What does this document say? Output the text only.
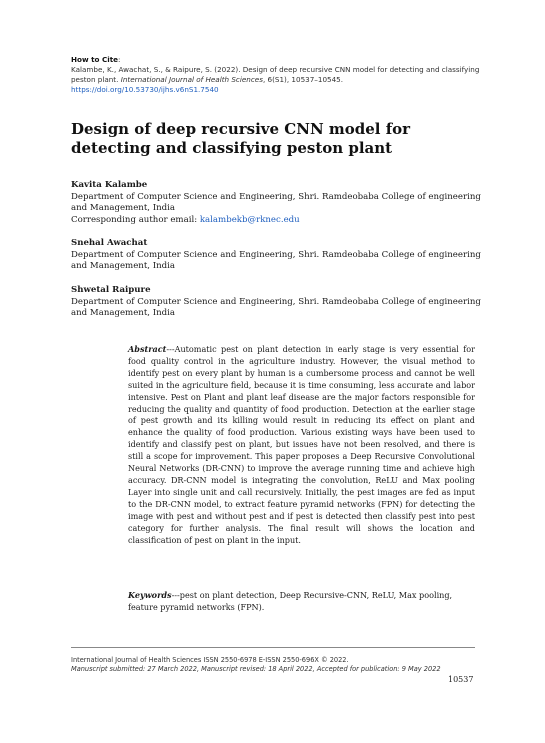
How to Cite:
Kalambe, K., Awachat, S., & Raipure, S. (2022). Design of deep recursive CNN model for detecting and classifying peston plant. International Journal of Health Sciences, 6(S1), 10537–10545.
https://doi.org/10.53730/ijhs.v6nS1.7540
Design of deep recursive CNN model for detecting and classifying peston plant
Kavita Kalambe
Department of Computer Science and Engineering, Shri. Ramdeobaba College of engineering and Management, India
Corresponding author email: kalambekb@rknec.edu
Snehal Awachat
Department of Computer Science and Engineering, Shri. Ramdeobaba College of engineering and Management, India
Shwetal Raipure
Department of Computer Science and Engineering, Shri. Ramdeobaba College of engineering and Management, India

Abstract---Automatic pest on plant detection in early stage is very essential for food quality control in the agriculture industry. However, the visual method to identify pest on every plant by human is a cumbersome process and cannot be well suited in the agriculture field, because it is time consuming, less accurate and labor intensive. Pest on Plant and plant leaf disease are the major factors responsible for reducing the quality and quantity of food production. Detection at the earlier stage of pest growth and its killing would result in reducing its effect on plant and enhance the quality of food production. Various existing ways have been used to identify and classify pest on plant, but issues have not been resolved, and there is still a scope for improvement. This paper proposes a Deep Recursive Convolutional Neural Networks (DR-CNN) to improve the average running time and achieve high accuracy. DR-CNN model is integrating the convolution, ReLU and Max pooling Layer into single unit and call recursively. Initially, the pest images are fed as input to the DR-CNN model, to extract feature pyramid networks (FPN) for detecting the image with pest and without pest and if pest is detected then classify pest into pest category for further analysis. The final result will shows the location and classification of pest on plant in the input.

Keywords---pest on plant detection, Deep Recursive-CNN, ReLU, Max pooling, feature pyramid networks (FPN).

International Journal of Health Sciences ISSN 2550-6978 E-ISSN 2550-696X © 2022.
Manuscript submitted: 27 March 2022, Manuscript revised: 18 April 2022, Accepted for publication: 9 May 2022
10537
